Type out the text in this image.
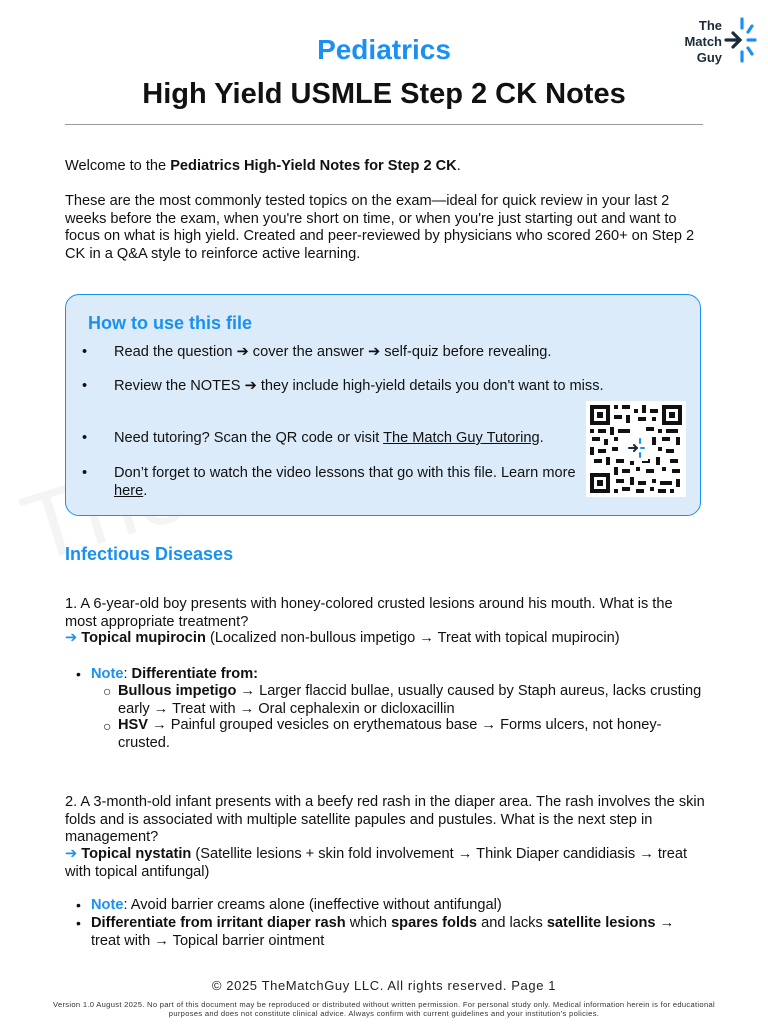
Pediatrics
High Yield USMLE Step 2 CK Notes
The
Match
Guy
Welcome to the Pediatrics High-Yield Notes for Step 2 CK.
These are the most commonly tested topics on the exam—ideal for quick review in your last 2 weeks before the exam, when you're short on time, or when you're just starting out and want to focus on what is high yield. Created and peer-reviewed by physicians who scored 260+ on Step 2 CK in a Q&A style to reinforce active learning.
How to use this file
• Read the question ➔ cover the answer ➔ self-quiz before revealing.
• Review the NOTES ➔ they include high-yield details you don't want to miss.
• Need tutoring? Scan the QR code or visit The Match Guy Tutoring.
• Don’t forget to watch the video lessons that go with this file. Learn more here.
Infectious Diseases
1. A 6-year-old boy presents with honey-colored crusted lesions around his mouth. What is the most appropriate treatment?
➔ Topical mupirocin (Localized non-bullous impetigo → Treat with topical mupirocin)
• Note: Differentiate from:
○ Bullous impetigo → Larger flaccid bullae, usually caused by Staph aureus, lacks crusting early → Treat with → Oral cephalexin or dicloxacillin
○ HSV → Painful grouped vesicles on erythematous base → Forms ulcers, not honey-crusted.
2. A 3-month-old infant presents with a beefy red rash in the diaper area. The rash involves the skin folds and is associated with multiple satellite papules and pustules. What is the next step in management?
➔ Topical nystatin (Satellite lesions + skin fold involvement → Think Diaper candidiasis → treat with topical antifungal)
• Note: Avoid barrier creams alone (ineffective without antifungal)
• Differentiate from irritant diaper rash which spares folds and lacks satellite lesions → treat with → Topical barrier ointment
© 2025 TheMatchGuy LLC. All rights reserved. Page 1
Version 1.0 August 2025. No part of this document may be reproduced or distributed without written permission. For personal study only. Medical information herein is for educational purposes and does not constitute clinical advice. Always confirm with current guidelines and your institution’s policies.
